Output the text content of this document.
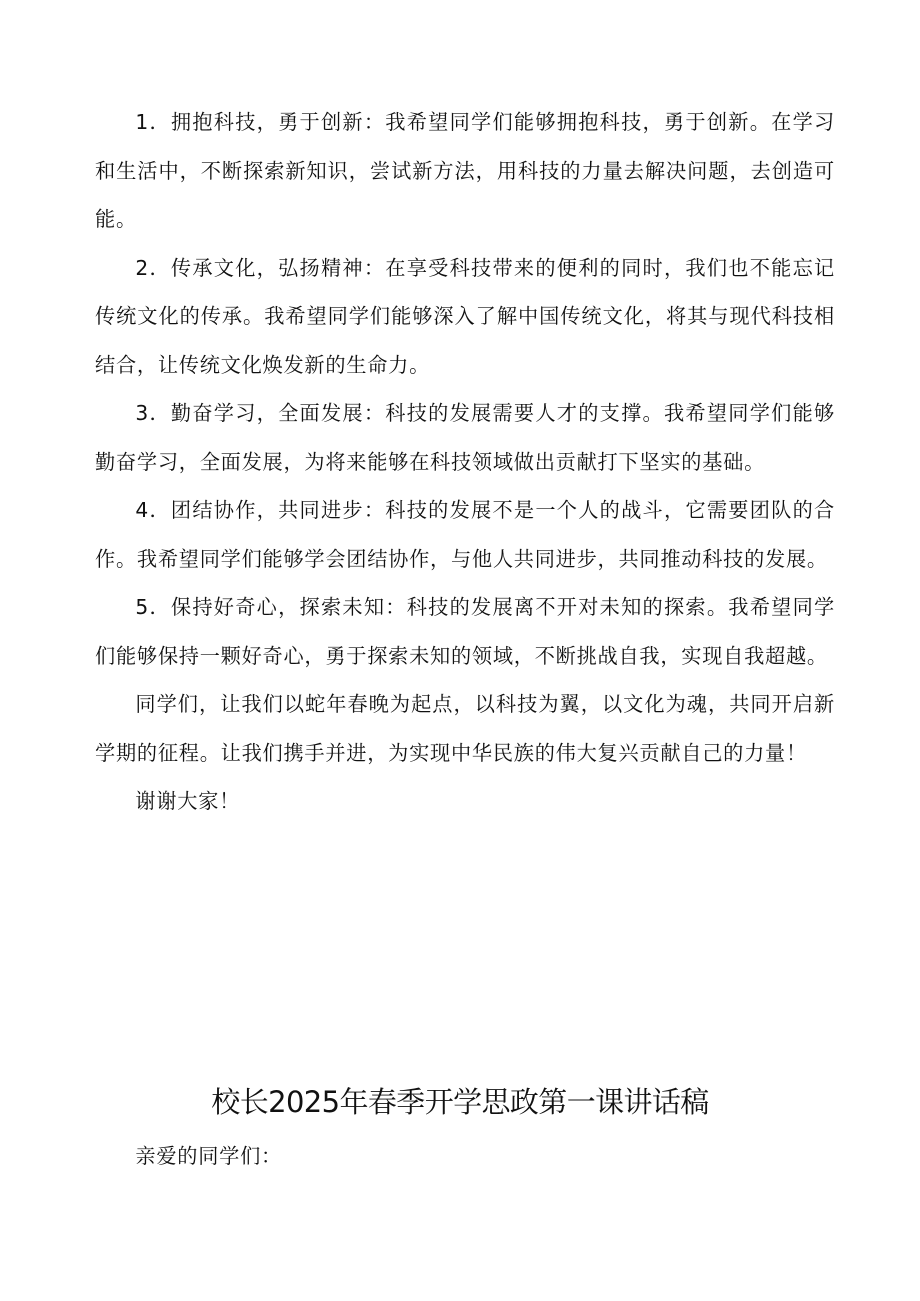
1．拥抱科技，勇于创新：我希望同学们能够拥抱科技，勇于创新。在学习和生活中，不断探索新知识，尝试新方法，用科技的力量去解决问题，去创造可能。

2．传承文化，弘扬精神：在享受科技带来的便利的同时，我们也不能忘记传统文化的传承。我希望同学们能够深入了解中国传统文化，将其与现代科技相结合，让传统文化焕发新的生命力。

3．勤奋学习，全面发展：科技的发展需要人才的支撑。我希望同学们能够勤奋学习，全面发展，为将来能够在科技领域做出贡献打下坚实的基础。

4．团结协作，共同进步：科技的发展不是一个人的战斗，它需要团队的合作。我希望同学们能够学会团结协作，与他人共同进步，共同推动科技的发展。

5．保持好奇心，探索未知：科技的发展离不开对未知的探索。我希望同学们能够保持一颗好奇心，勇于探索未知的领域，不断挑战自我，实现自我超越。

同学们，让我们以蛇年春晚为起点，以科技为翼，以文化为魂，共同开启新学期的征程。让我们携手并进，为实现中华民族的伟大复兴贡献自己的力量！

谢谢大家！

校长2025年春季开学思政第一课讲话稿

亲爱的同学们：
